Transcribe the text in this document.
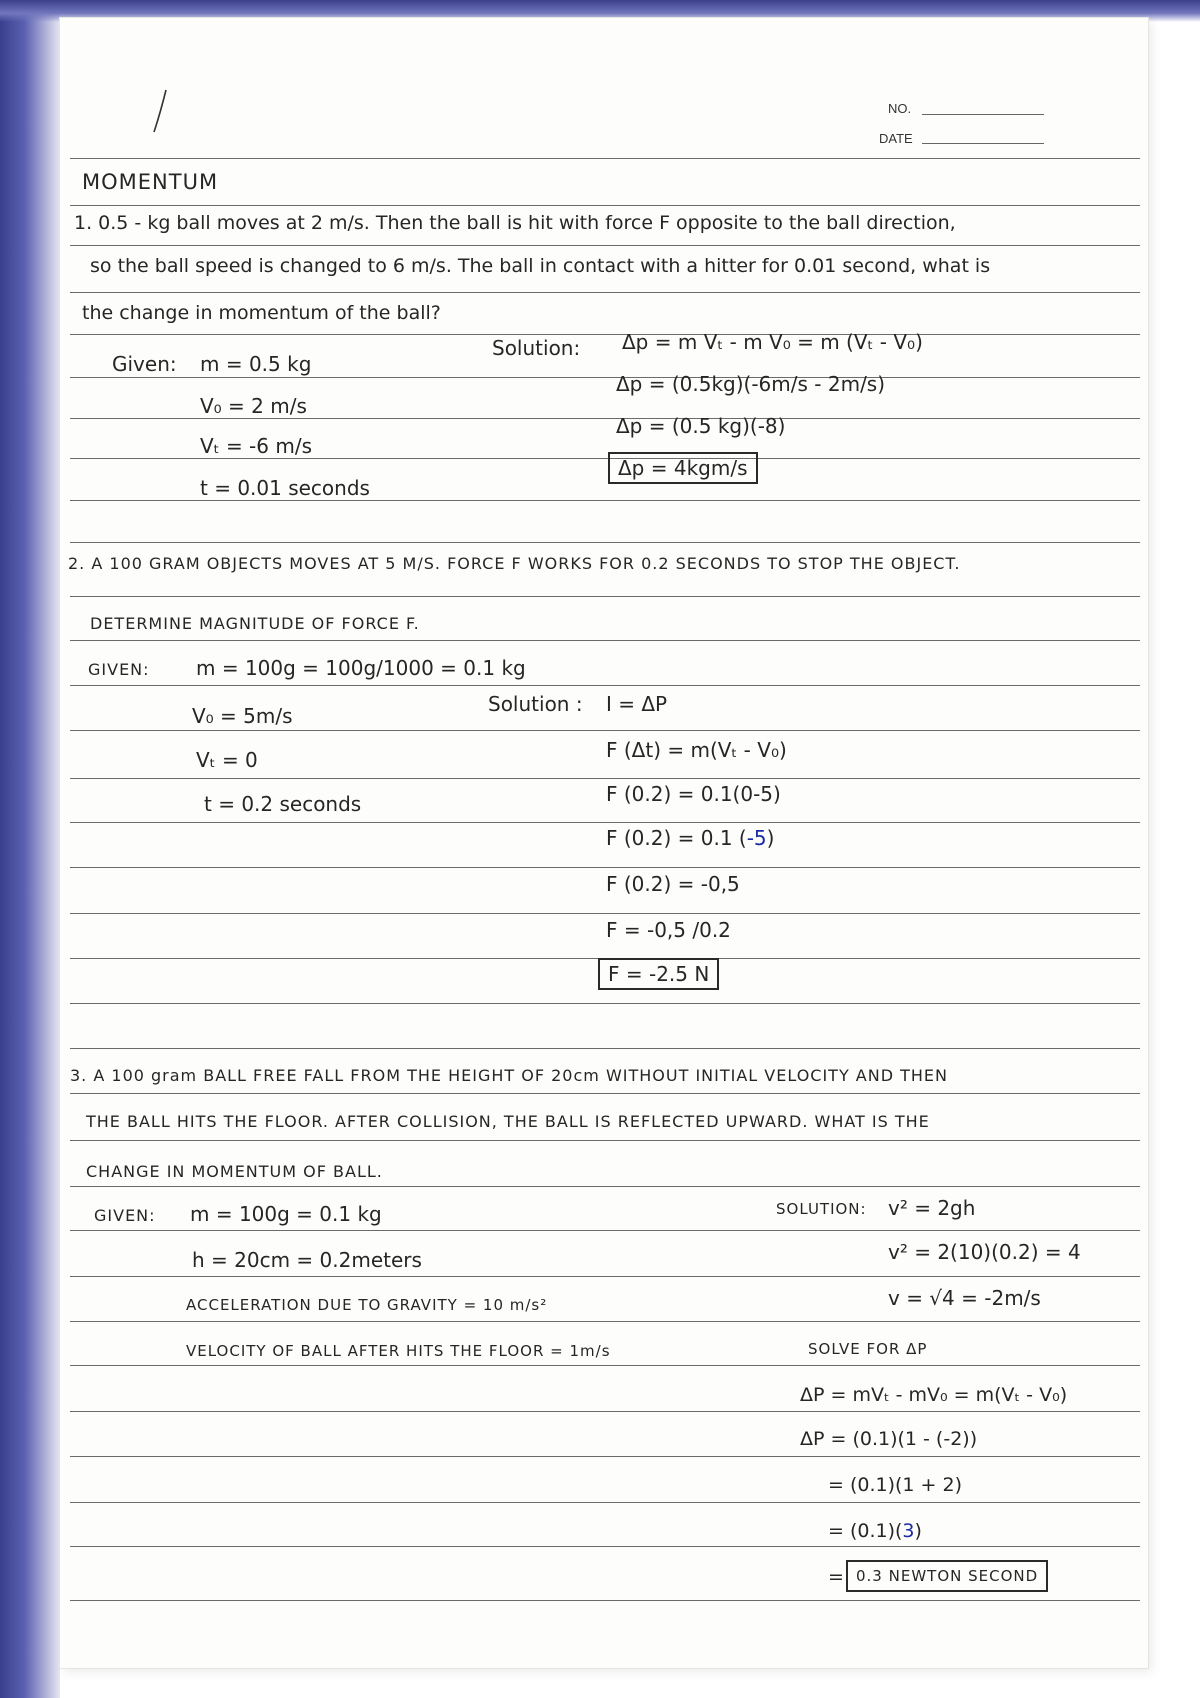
NO.
DATE
MOMENTUM
1. 0.5 - kg ball moves at 2 m/s. Then the ball is hit with force F opposite to the ball direction,
so the ball speed is changed to 6 m/s. The ball in contact with a hitter for 0.01 second, what is
the change in momentum of the ball?
Given: m = 0.5 kg
V₀ = 2 m/s
Vₜ = -6 m/s
t = 0.01 seconds
Solution: Δp = m Vₜ - m V₀ = m (Vₜ - V₀)
Δp = (0.5kg)(-6m/s - 2m/s)
Δp = (0.5 kg)(-8)
Δp = 4kgm/s
2. A 100 GRAM OBJECTS MOVES AT 5 M/S. FORCE F WORKS FOR 0.2 SECONDS TO STOP THE OBJECT.
DETERMINE MAGNITUDE OF FORCE F.
GIVEN: m = 100g = 100g/1000 = 0.1 kg
V₀ = 5m/s
Vₜ = 0
t = 0.2 seconds
Solution : I = ΔP
F (Δt) = m(Vₜ - V₀)
F (0.2) = 0.1(0-5)
F (0.2) = 0.1 (-5)
F (0.2) = -0,5
F = -0,5 /0.2
F = -2.5 N
3. A 100 gram BALL FREE FALL FROM THE HEIGHT OF 20cm WITHOUT INITIAL VELOCITY AND THEN
THE BALL HITS THE FLOOR. AFTER COLLISION, THE BALL IS REFLECTED UPWARD. WHAT IS THE
CHANGE IN MOMENTUM OF BALL.
GIVEN: m = 100g = 0.1 kg
h = 20cm = 0.2meters
ACCELERATION DUE TO GRAVITY = 10 m/s²
VELOCITY OF BALL AFTER HITS THE FLOOR = 1m/s
SOLUTION: v² = 2gh
v² = 2(10)(0.2) = 4
v = √4 = -2m/s
SOLVE FOR ΔP
ΔP = mVₜ - mV₀ = m(Vₜ - V₀)
ΔP = (0.1)(1 - (-2))
= (0.1)(1 + 2)
= (0.1)(3)
= 0.3 NEWTON SECOND
